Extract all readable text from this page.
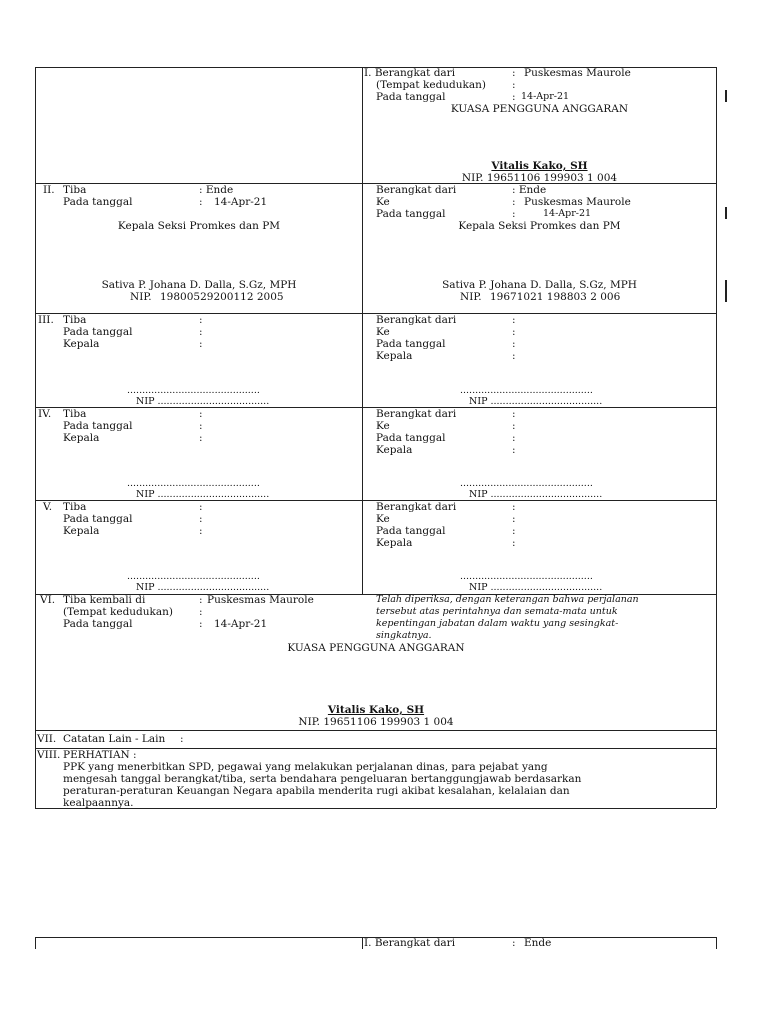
I. Berangkat dari	: Puskesmas Maurole
(Tempat kedudukan) :
Pada tanggal	: 14-Apr-21
KUASA PENGGUNA ANGGARAN
Vitalis Kako, SH
NIP. 19651106 199903 1 004
II. Tiba	: Ende
Pada tanggal	: 14-Apr-21
Kepala Seksi Promkes dan PM
Sativa P. Johana D. Dalla, S.Gz, MPH
NIP. 19800529200112 2005
Berangkat dari	: Ende
Ke	: Puskesmas Maurole
Pada tanggal	:	14-Apr-21
Kepala Seksi Promkes dan PM
Sativa P. Johana D. Dalla, S.Gz, MPH
NIP. 19671021 198803 2 006
III. Tiba	:
Pada tanggal	:
Kepala	:
............................................
NIP .....................................
Berangkat dari	:
Ke	:
Pada tanggal	:
Kepala	:
............................................
NIP .....................................
IV. Tiba	:
Pada tanggal	:
Kepala	:
............................................
NIP .....................................
Berangkat dari	:
Ke	:
Pada tanggal	:
Kepala	:
............................................
NIP .....................................
V. Tiba	:
Pada tanggal	:
Kepala	:
............................................
NIP .....................................
Berangkat dari	:
Ke	:
Pada tanggal	:
Kepala	:
............................................
NIP .....................................
VI. Tiba kembali di	: Puskesmas Maurole
(Tempat kedudukan) :
Pada tanggal	: 14-Apr-21
Telah diperiksa, dengan keterangan bahwa perjalanan
tersebut atas perintahnya dan semata-mata untuk
kepentingan jabatan dalam waktu yang sesingkat-
singkatnya.
KUASA PENGGUNA ANGGARAN
Vitalis Kako, SH
NIP. 19651106 199903 1 004
VII. Catatan Lain - Lain :
VIII. PERHATIAN :
PPK yang menerbitkan SPD, pegawai yang melakukan perjalanan dinas, para pejabat yang
mengesah tanggal berangkat/tiba, serta bendahara pengeluaran bertanggungjawab berdasarkan
peraturan-peraturan Keuangan Negara apabila menderita rugi akibat kesalahan, kelalaian dan
kealpaannya.
I. Berangkat dari	: Ende
